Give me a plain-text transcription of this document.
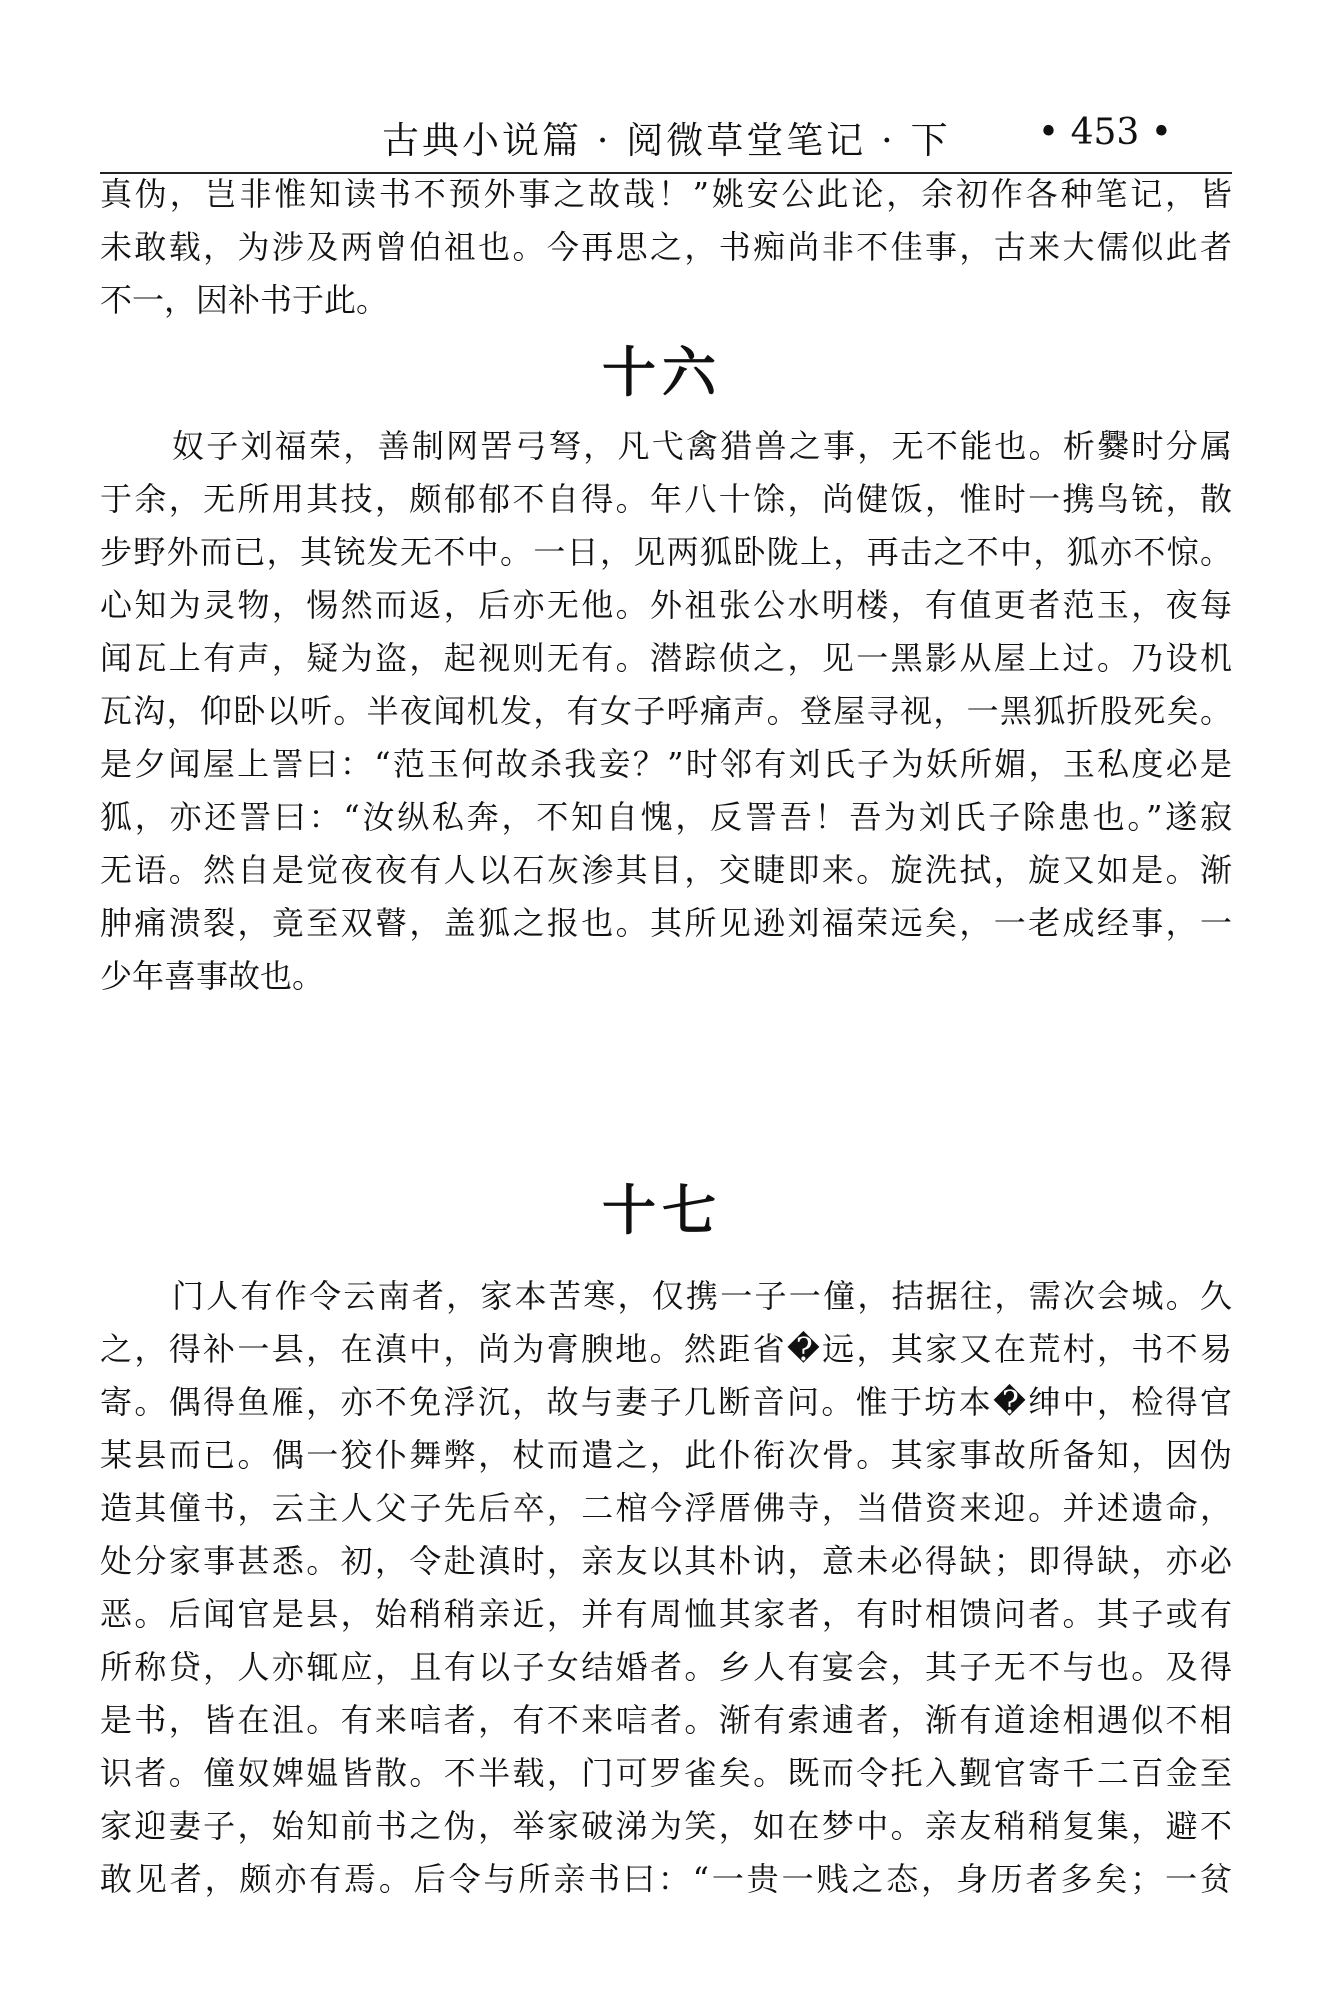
古典小说篇 · 阅微草堂笔记 · 下 • 453 •
真伪，岂非惟知读书不预外事之故哉！”姚安公此论，余初作各种笔记，皆
未敢载，为涉及两曾伯祖也。今再思之，书痴尚非不佳事，古来大儒似此者
不一，因补书于此。
十六
奴子刘福荣，善制网罟弓弩，凡弋禽猎兽之事，无不能也。析爨时分属
于余，无所用其技，颇郁郁不自得。年八十馀，尚健饭，惟时一携鸟铳，散
步野外而已，其铳发无不中。一日，见两狐卧陇上，再击之不中，狐亦不惊。
心知为灵物，惕然而返，后亦无他。外祖张公水明楼，有值更者范玉，夜每
闻瓦上有声，疑为盗，起视则无有。潜踪侦之，见一黑影从屋上过。乃设机
瓦沟，仰卧以听。半夜闻机发，有女子呼痛声。登屋寻视，一黑狐折股死矣。
是夕闻屋上詈曰：“范玉何故杀我妾？”时邻有刘氏子为妖所媚，玉私度必是
狐，亦还詈曰：“汝纵私奔，不知自愧，反詈吾！吾为刘氏子除患也。”遂寂
无语。然自是觉夜夜有人以石灰渗其目，交睫即来。旋洗拭，旋又如是。渐
肿痛溃裂，竟至双瞽，盖狐之报也。其所见逊刘福荣远矣，一老成经事，一
少年喜事故也。
十七
门人有作令云南者，家本苦寒，仅携一子一僮，拮据往，需次会城。久
之，得补一县，在滇中，尚为膏腴地。然距省�远，其家又在荒村，书不易
寄。偶得鱼雁，亦不免浮沉，故与妻子几断音问。惟于坊本�绅中，检得官
某县而已。偶一狡仆舞弊，杖而遣之，此仆衔次骨。其家事故所备知，因伪
造其僮书，云主人父子先后卒，二棺今浮厝佛寺，当借资来迎。并述遗命，
处分家事甚悉。初，令赴滇时，亲友以其朴讷，意未必得缺；即得缺，亦必
恶。后闻官是县，始稍稍亲近，并有周恤其家者，有时相馈问者。其子或有
所称贷，人亦辄应，且有以子女结婚者。乡人有宴会，其子无不与也。及得
是书，皆在沮。有来唁者，有不来唁者。渐有索逋者，渐有道途相遇似不相
识者。僮奴婢媪皆散。不半载，门可罗雀矣。既而令托入觐官寄千二百金至
家迎妻子，始知前书之伪，举家破涕为笑，如在梦中。亲友稍稍复集，避不
敢见者，颇亦有焉。后令与所亲书曰：“一贵一贱之态，身历者多矣；一贫
